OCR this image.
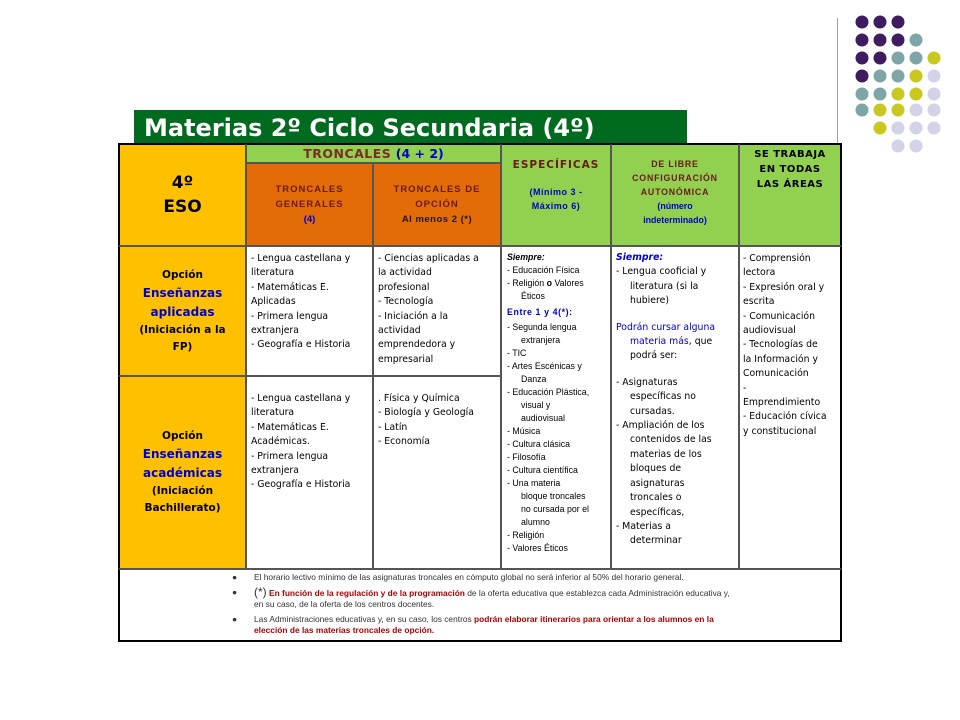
Materias 2º Ciclo Secundaria (4º)
4º
ESO
TRONCALES (4 + 2)
TRONCALES
GENERALES
(4)
TRONCALES DE
OPCIÓN
Al menos 2 (*)
ESPECÍFICAS
(Mínimo 3 -
Máximo 6)
DE LIBRE
CONFIGURACIÓN
AUTONÓMICA
(número
indeterminado)
SE TRABAJA
EN TODAS
LAS ÁREAS
Opción
Enseñanzas
aplicadas
(Iniciación a la
FP)
Opción
Enseñanzas
académicas
(Iniciación
Bachillerato)
- Lengua castellana y
literatura
- Matemáticas E.
Aplicadas
- Primera lengua
extranjera
- Geografía e Historia
- Ciencias aplicadas a
la actividad
profesional
- Tecnología
- Iniciación a la
actividad
emprendedora y
empresarial
- Lengua castellana y
literatura
- Matemáticas E.
Académicas.
- Primera lengua
extranjera
- Geografía e Historia
. Física y Química
- Biología y Geología
- Latín
- Economía
Siempre:
- Educación Física
- Religión o Valores
Éticos
Entre 1 y 4(*):
- Segunda lengua
extranjera
- TIC
- Artes Escénicas y
Danza
- Educación Plástica,
visual y
audiovisual
- Música
- Cultura clásica
- Filosofía
- Cultura científica
- Una materia
bloque troncales
no cursada por el
alumno
- Religión
- Valores Éticos
Siempre:
- Lengua cooficial y
literatura (si la
hubiere)
Podrán cursar alguna
materia más, que
podrá ser:
- Asignaturas
específicas no
cursadas.
- Ampliación de los
contenidos de las
materias de los
bloques de
asignaturas
troncales o
específicas,
- Materias a
determinar
- Comprensión
lectora
- Expresión oral y
escrita
- Comunicación
audiovisual
- Tecnologías de
la Información y
Comunicación
-
Emprendimiento
- Educación cívica
y constitucional
● El horario lectivo mínimo de las asignaturas troncales en cómputo global no será inferior al 50% del horario general.
● (*) En función de la regulación y de la programación de la oferta educativa que establezca cada Administración educativa y,
en su caso, de la oferta de los centros docentes.
● Las Administraciones educativas y, en su caso, los centros podrán elaborar itinerarios para orientar a los alumnos en la
elección de las materias troncales de opción.
